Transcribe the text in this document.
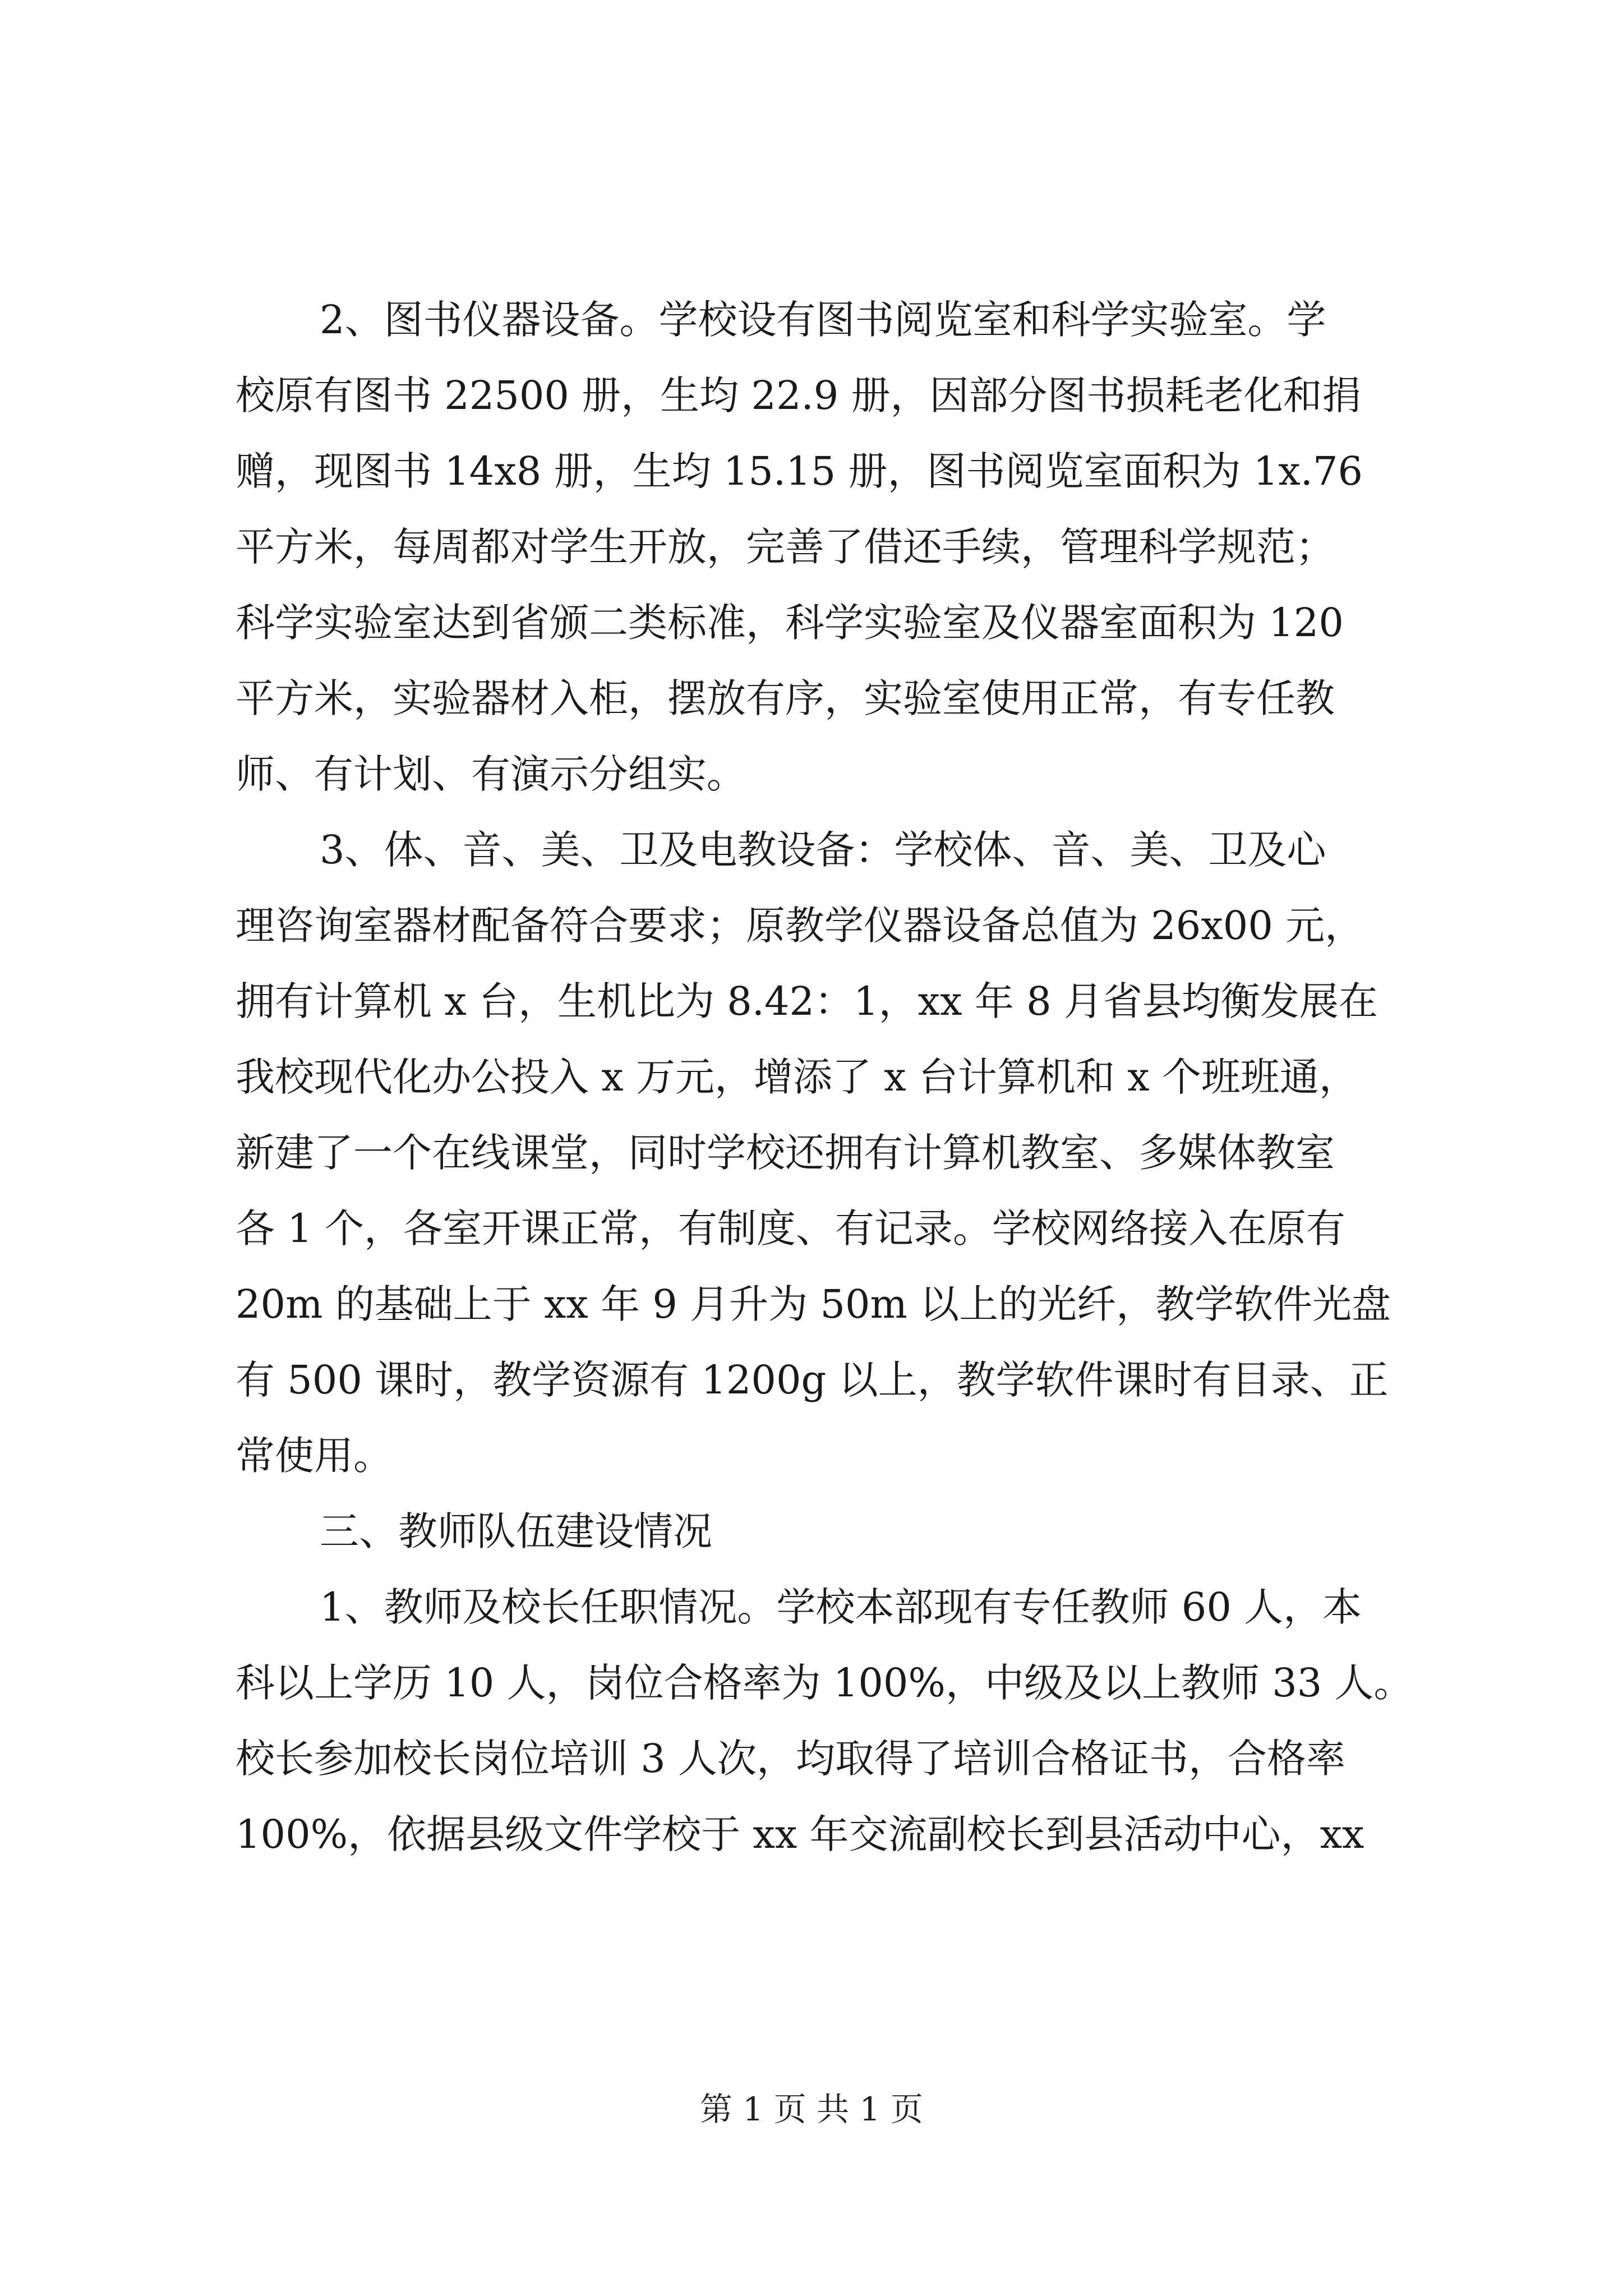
2、图书仪器设备。学校设有图书阅览室和科学实验室。学
校原有图书 22500 册，生均 22.9 册，因部分图书损耗老化和捐
赠，现图书 14x8 册，生均 15.15 册，图书阅览室面积为 1x.76
平方米，每周都对学生开放，完善了借还手续，管理科学规范；
科学实验室达到省颁二类标准，科学实验室及仪器室面积为 120
平方米，实验器材入柜，摆放有序，实验室使用正常，有专任教
师、有计划、有演示分组实。
3、体、音、美、卫及电教设备：学校体、音、美、卫及心
理咨询室器材配备符合要求；原教学仪器设备总值为 26x00 元，
拥有计算机 x 台，生机比为 8.42：1，xx 年 8 月省县均衡发展在
我校现代化办公投入 x 万元，增添了 x 台计算机和 x 个班班通，
新建了一个在线课堂，同时学校还拥有计算机教室、多媒体教室
各 1 个，各室开课正常，有制度、有记录。学校网络接入在原有
20m 的基础上于 xx 年 9 月升为 50m 以上的光纤，教学软件光盘
有 500 课时，教学资源有 1200g 以上，教学软件课时有目录、正
常使用。
三、教师队伍建设情况
1、教师及校长任职情况。学校本部现有专任教师 60 人，本
科以上学历 10 人，岗位合格率为 100%，中级及以上教师 33 人。
校长参加校长岗位培训 3 人次，均取得了培训合格证书，合格率
100%，依据县级文件学校于 xx 年交流副校长到县活动中心，xx
第 1 页 共 1 页
